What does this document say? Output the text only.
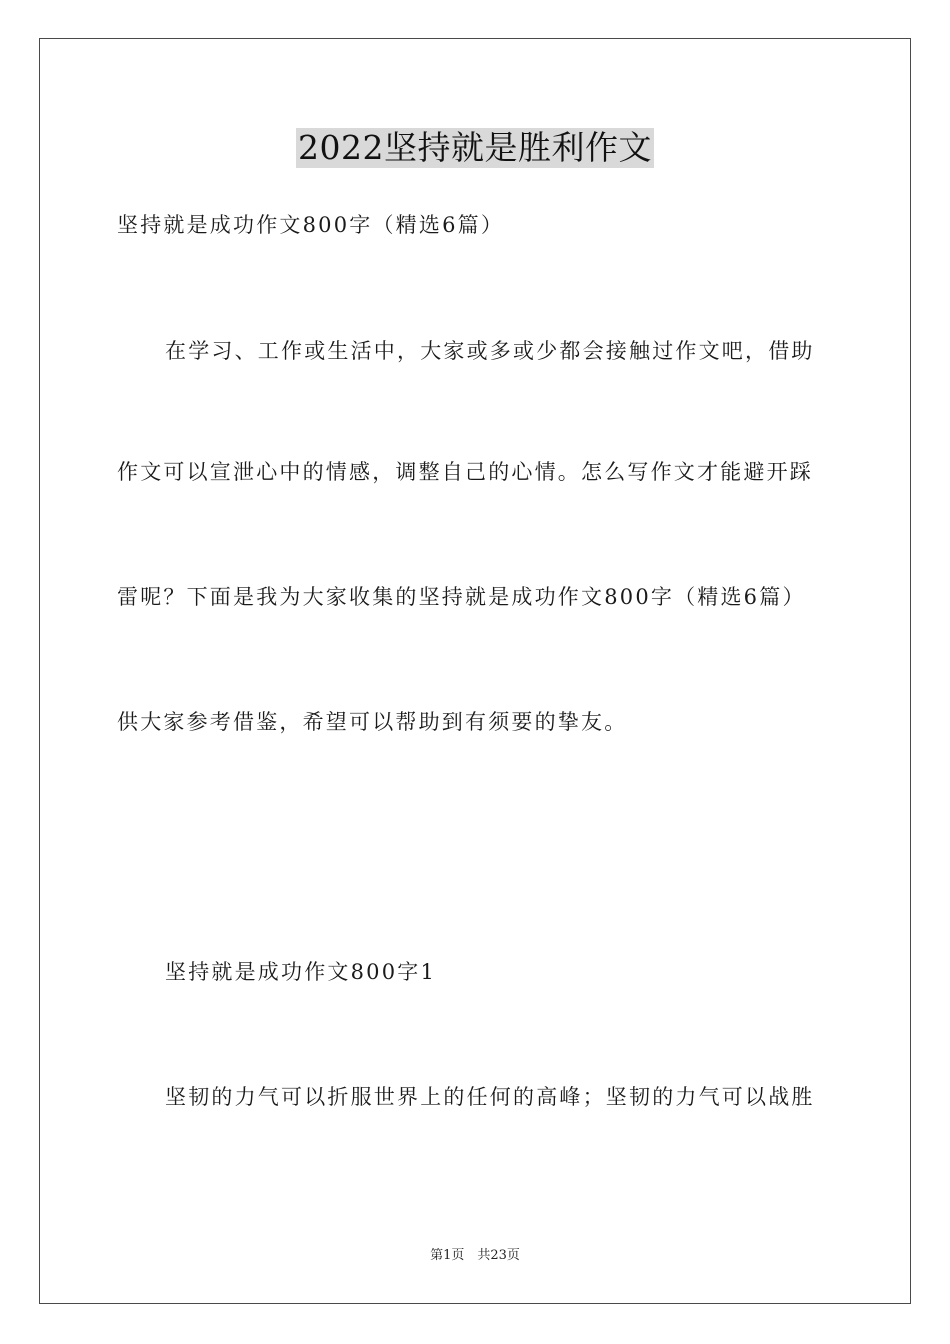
2022坚持就是胜利作文
坚持就是成功作文800字（精选6篇）
在学习、工作或生活中，大家或多或少都会接触过作文吧，借助
作文可以宣泄心中的情感，调整自己的心情。怎么写作文才能避开踩
雷呢？下面是我为大家收集的坚持就是成功作文800字（精选6篇）
供大家参考借鉴，希望可以帮助到有须要的挚友。
坚持就是成功作文800字1
坚韧的力气可以折服世界上的任何的高峰；坚韧的力气可以战胜
第1页　共23页
